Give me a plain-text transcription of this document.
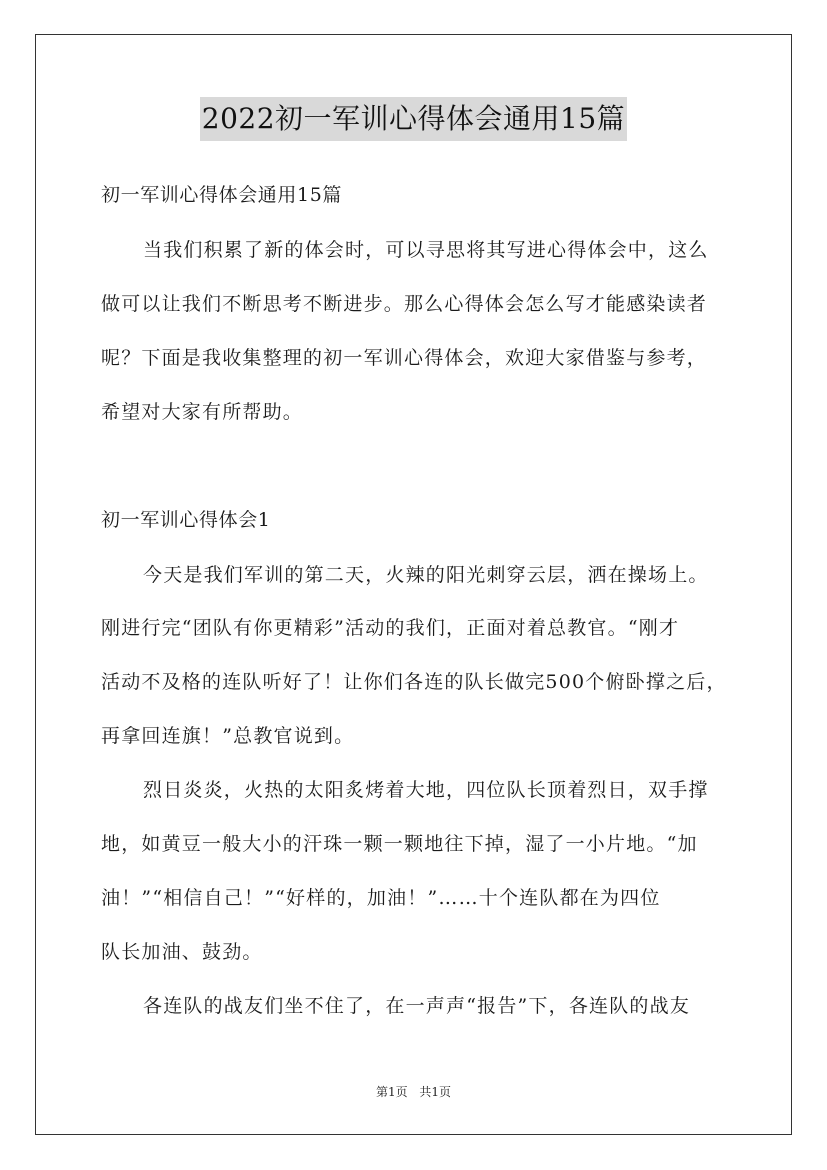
2022初一军训心得体会通用15篇
初一军训心得体会通用15篇
当我们积累了新的体会时，可以寻思将其写进心得体会中，这么
做可以让我们不断思考不断进步。那么心得体会怎么写才能感染读者
呢？下面是我收集整理的初一军训心得体会，欢迎大家借鉴与参考，
希望对大家有所帮助。
初一军训心得体会1
今天是我们军训的第二天，火辣的阳光刺穿云层，洒在操场上。
刚进行完“团队有你更精彩”活动的我们，正面对着总教官。“刚才
活动不及格的连队听好了！让你们各连的队长做完500个俯卧撑之后，
再拿回连旗！”总教官说到。
烈日炎炎，火热的太阳炙烤着大地，四位队长顶着烈日，双手撑
地，如黄豆一般大小的汗珠一颗一颗地往下掉，湿了一小片地。“加
油！”“相信自己！”“好样的，加油！”……十个连队都在为四位
队长加油、鼓劲。
各连队的战友们坐不住了，在一声声“报告”下，各连队的战友
第1页 共1页
